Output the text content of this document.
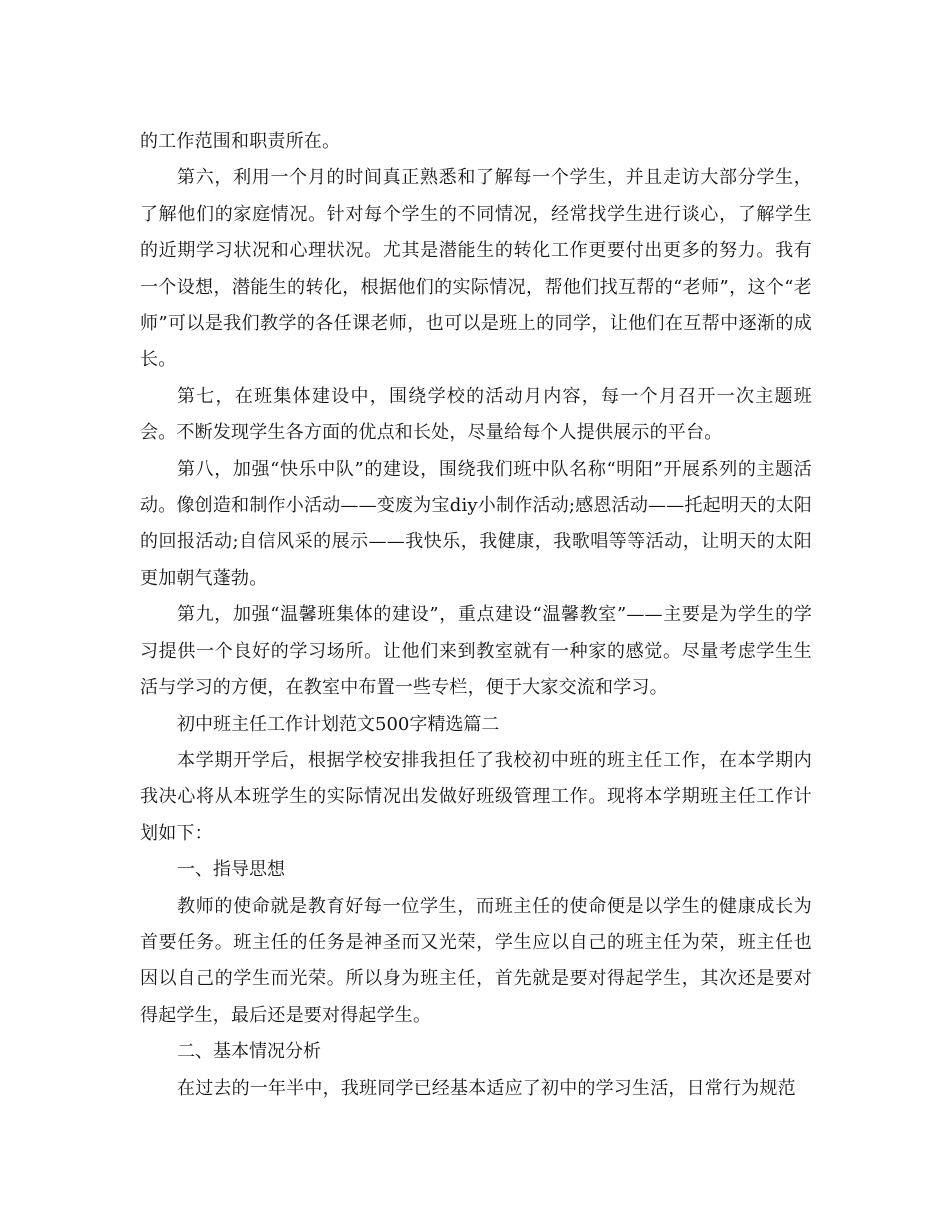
的工作范围和职责所在。

第六，利用一个月的时间真正熟悉和了解每一个学生，并且走访大部分学生，了解他们的家庭情况。针对每个学生的不同情况，经常找学生进行谈心，了解学生的近期学习状况和心理状况。尤其是潜能生的转化工作更要付出更多的努力。我有一个设想，潜能生的转化，根据他们的实际情况，帮他们找互帮的“老师”，这个“老师”可以是我们教学的各任课老师，也可以是班上的同学，让他们在互帮中逐渐的成长。

第七，在班集体建设中，围绕学校的活动月内容，每一个月召开一次主题班会。不断发现学生各方面的优点和长处，尽量给每个人提供展示的平台。

第八，加强“快乐中队”的建设，围绕我们班中队名称“明阳”开展系列的主题活动。像创造和制作小活动——变废为宝diy小制作活动;感恩活动——托起明天的太阳的回报活动;自信风采的展示——我快乐，我健康，我歌唱等等活动，让明天的太阳更加朝气蓬勃。

第九，加强“温馨班集体的建设”，重点建设“温馨教室”——主要是为学生的学习提供一个良好的学习场所。让他们来到教室就有一种家的感觉。尽量考虑学生生活与学习的方便，在教室中布置一些专栏，便于大家交流和学习。

初中班主任工作计划范文500字精选篇二

本学期开学后，根据学校安排我担任了我校初中班的班主任工作，在本学期内我决心将从本班学生的实际情况出发做好班级管理工作。现将本学期班主任工作计划如下：

一、指导思想

教师的使命就是教育好每一位学生，而班主任的使命便是以学生的健康成长为首要任务。班主任的任务是神圣而又光荣，学生应以自己的班主任为荣，班主任也因以自己的学生而光荣。所以身为班主任，首先就是要对得起学生，其次还是要对得起学生，最后还是要对得起学生。

二、基本情况分析

在过去的一年半中，我班同学已经基本适应了初中的学习生活，日常行为规范
